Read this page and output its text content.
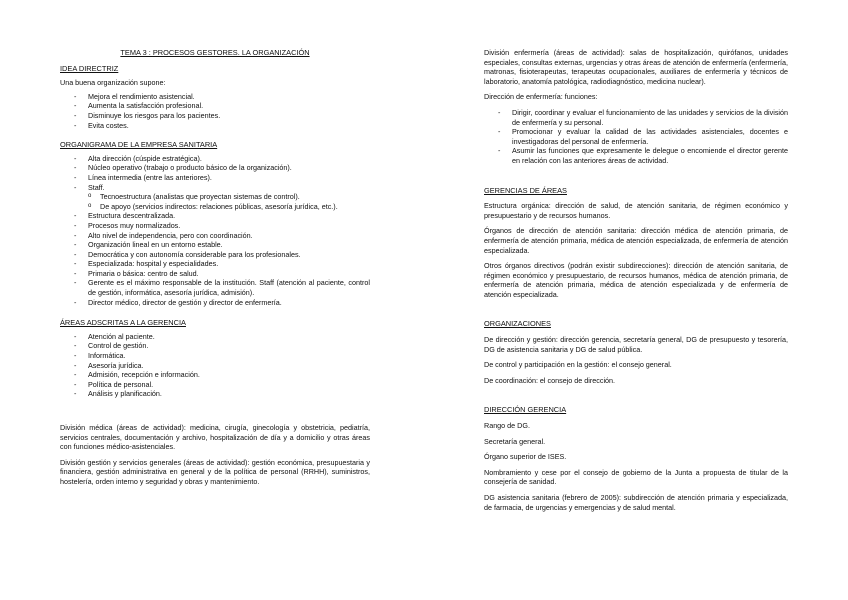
TEMA 3 : PROCESOS GESTORES. LA ORGANIZACIÓN
IDEA DIRECTRIZ

Una buena organización supone:

- Mejora el rendimiento asistencial.
- Aumenta la satisfacción profesional.
- Disminuye los riesgos para los pacientes.
- Evita costes.
ORGANIGRAMA DE LA EMPRESA SANITARIA
- Alta dirección (cúspide estratégica).
- Núcleo operativo (trabajo o producto básico de la organización).
- Línea intermedia (entre las anteriores).
- Staff.
o Tecnoestructura (analistas que proyectan sistemas de control).
o De apoyo (servicios indirectos: relaciones públicas, asesoría jurídica, etc.).
- Estructura descentralizada.
- Procesos muy normalizados.
- Alto nivel de independencia, pero con coordinación.
- Organización lineal en un entorno estable.
- Democrática y con autonomía considerable para los profesionales.
- Especializada: hospital y especialidades.
- Primaria o básica: centro de salud.
- Gerente es el máximo responsable de la institución. Staff (atención al paciente, control de gestión, informática, asesoría jurídica, admisión).
- Director médico, director de gestión y director de enfermería.
ÁREAS ADSCRITAS A LA GERENCIA
- Atención al paciente.
- Control de gestión.
- Informática.
- Asesoría jurídica.
- Admisión, recepción e información.
- Política de personal.
- Análisis y planificación.

División médica (áreas de actividad): medicina, cirugía, ginecología y obstetricia, pediatría, servicios centrales, documentación y archivo, hospitalización de día y a domicilio y otras áreas con funciones médico-asistenciales.

División gestión y servicios generales (áreas de actividad): gestión económica, presupuestaria y financiera, gestión administrativa en general y de la política de personal (RRHH), suministros, hostelería, orden interno y seguridad y obras y mantenimiento.

División enfermería (áreas de actividad): salas de hospitalización, quirófanos, unidades especiales, consultas externas, urgencias y otras áreas de atención de enfermería (enfermería, matronas, fisioterapeutas, terapeutas ocupacionales, auxiliares de enfermería y técnicos de laboratorio, anatomía patológica, radiodiagnóstico, medicina nuclear).

Dirección de enfermería: funciones:

- Dirigir, coordinar y evaluar el funcionamiento de las unidades y servicios de la división de enfermería y su personal.
- Promocionar y evaluar la calidad de las actividades asistenciales, docentes e investigadoras del personal de enfermería.
- Asumir las funciones que expresamente le delegue o encomiende el director gerente en relación con las anteriores áreas de actividad.
GERENCIAS DE ÁREAS

Estructura orgánica: dirección de salud, de atención sanitaria, de régimen económico y presupuestario y de recursos humanos.

Órganos de dirección de atención sanitaria: dirección médica de atención primaria, de enfermería de atención primaria, médica de atención especializada, de enfermería de atención especializada.

Otros órganos directivos (podrán existir subdirecciones): dirección de atención sanitaria, de régimen económico y presupuestario, de recursos humanos, médica de atención primaria, de enfermería de atención primaria, médica de atención especializada y de enfermería de atención especializada.

ORGANIZACIONES

De dirección y gestión: dirección gerencia, secretaría general, DG de presupuesto y tesorería, DG de asistencia sanitaria y DG de salud pública.

De control y participación en la gestión: el consejo general.

De coordinación: el consejo de dirección.

DIRECCIÓN GERENCIA

Rango de DG.

Secretaría general.

Órgano superior de ISES.

Nombramiento y cese por el consejo de gobierno de la Junta a propuesta de titular de la consejería de sanidad.

DG asistencia sanitaria (febrero de 2005): subdirección de atención primaria y especializada, de farmacia, de urgencias y emergencias y de salud mental.
